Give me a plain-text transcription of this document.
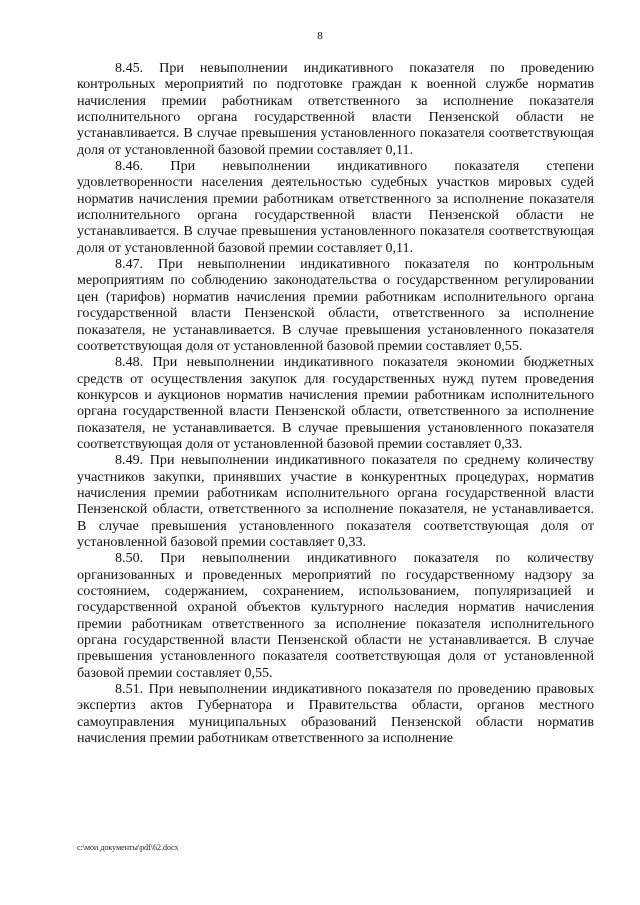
8

8.45. При невыполнении индикативного показателя по проведению контрольных мероприятий по подготовке граждан к военной службе норматив начисления премии работникам ответственного за исполнение показателя исполнительного органа государственной власти Пензенской области не устанавливается. В случае превышения установленного показателя соответствующая доля от установленной базовой премии составляет 0,11.

8.46. При невыполнении индикативного показателя степени удовлетворенности населения деятельностью судебных участков мировых судей норматив начисления премии работникам ответственного за исполнение показателя исполнительного органа государственной власти Пензенской области не устанавливается. В случае превышения установленного показателя соответствующая доля от установленной базовой премии составляет 0,11.

8.47. При невыполнении индикативного показателя по контрольным мероприятиям по соблюдению законодательства о государственном регулировании цен (тарифов) норматив начисления премии работникам исполнительного органа государственной власти Пензенской области, ответственного за исполнение показателя, не устанавливается. В случае превышения установленного показателя соответствующая доля от установленной базовой премии составляет 0,55.

8.48. При невыполнении индикативного показателя экономии бюджетных средств от осуществления закупок для государственных нужд путем проведения конкурсов и аукционов норматив начисления премии работникам исполнительного органа государственной власти Пензенской области, ответственного за исполнение показателя, не устанавливается. В случае превышения установленного показателя соответствующая доля от установленной базовой премии составляет 0,33.

8.49. При невыполнении индикативного показателя по среднему количеству участников закупки, принявших участие в конкурентных процедурах, норматив начисления премии работникам исполнительного органа государственной власти Пензенской области, ответственного за исполнение показателя, не устанавливается. В случае превышения установленного показателя соответствующая доля от установленной базовой премии составляет 0,33.

8.50. При невыполнении индикативного показателя по количеству организованных и проведенных мероприятий по государственному надзору за состоянием, содержанием, сохранением, использованием, популяризацией и государственной охраной объектов культурного наследия норматив начисления премии работникам ответственного за исполнение показателя исполнительного органа государственной власти Пензенской области не устанавливается. В случае превышения установленного показателя соответствующая доля от установленной базовой премии составляет 0,55.

8.51. При невыполнении индикативного показателя по проведению правовых экспертиз актов Губернатора и Правительства области, органов местного самоуправления муниципальных образований Пензенской области норматив начисления премии работникам ответственного за исполнение

c:\мои документы\pdf\62.docx
